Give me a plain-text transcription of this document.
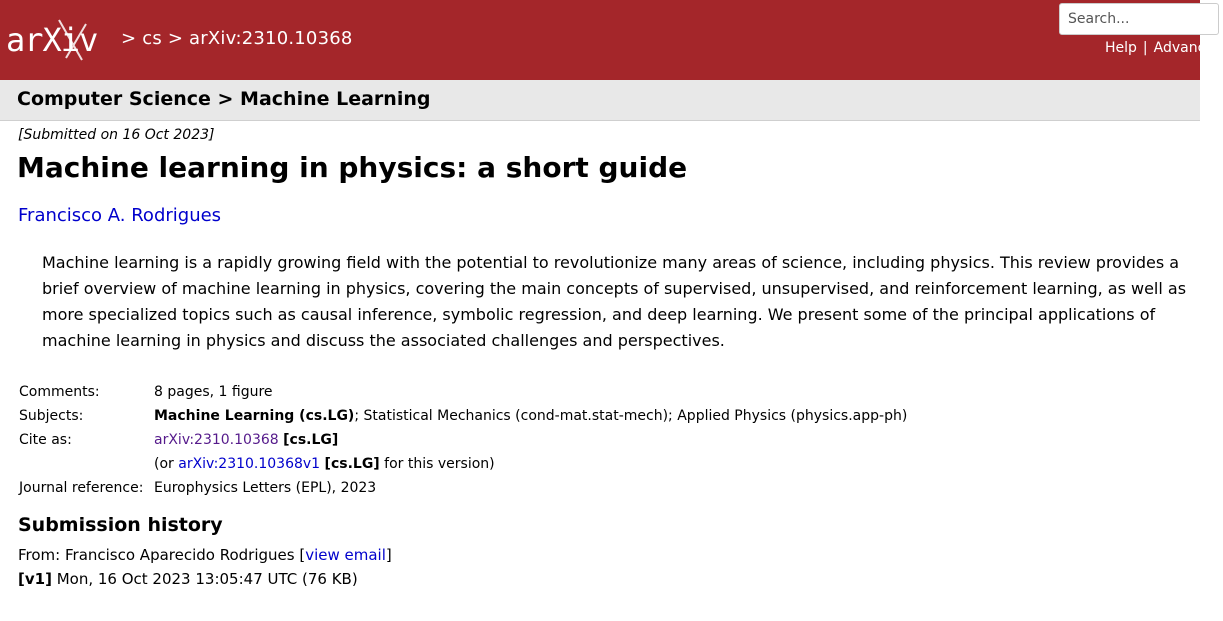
arXiv > cs > arXiv:2310.10368
Search...	Help | Advanced
Computer Science > Machine Learning
[Submitted on 16 Oct 2023]
Machine learning in physics: a short guide
Francisco A. Rodrigues

Machine learning is a rapidly growing field with the potential to revolutionize many areas of science, including physics. This review provides a brief overview of machine learning in physics, covering the main concepts of supervised, unsupervised, and reinforcement learning, as well as more specialized topics such as causal inference, symbolic regression, and deep learning. We present some of the principal applications of machine learning in physics and discuss the associated challenges and perspectives.

Comments:	8 pages, 1 figure
Subjects:	Machine Learning (cs.LG); Statistical Mechanics (cond-mat.stat-mech); Applied Physics (physics.app-ph)
Cite as:	arXiv:2310.10368 [cs.LG]
(or arXiv:2310.10368v1 [cs.LG] for this version)
Journal reference: Europhysics Letters (EPL), 2023
Submission history
From: Francisco Aparecido Rodrigues [view email]
[v1] Mon, 16 Oct 2023 13:05:47 UTC (76 KB)
